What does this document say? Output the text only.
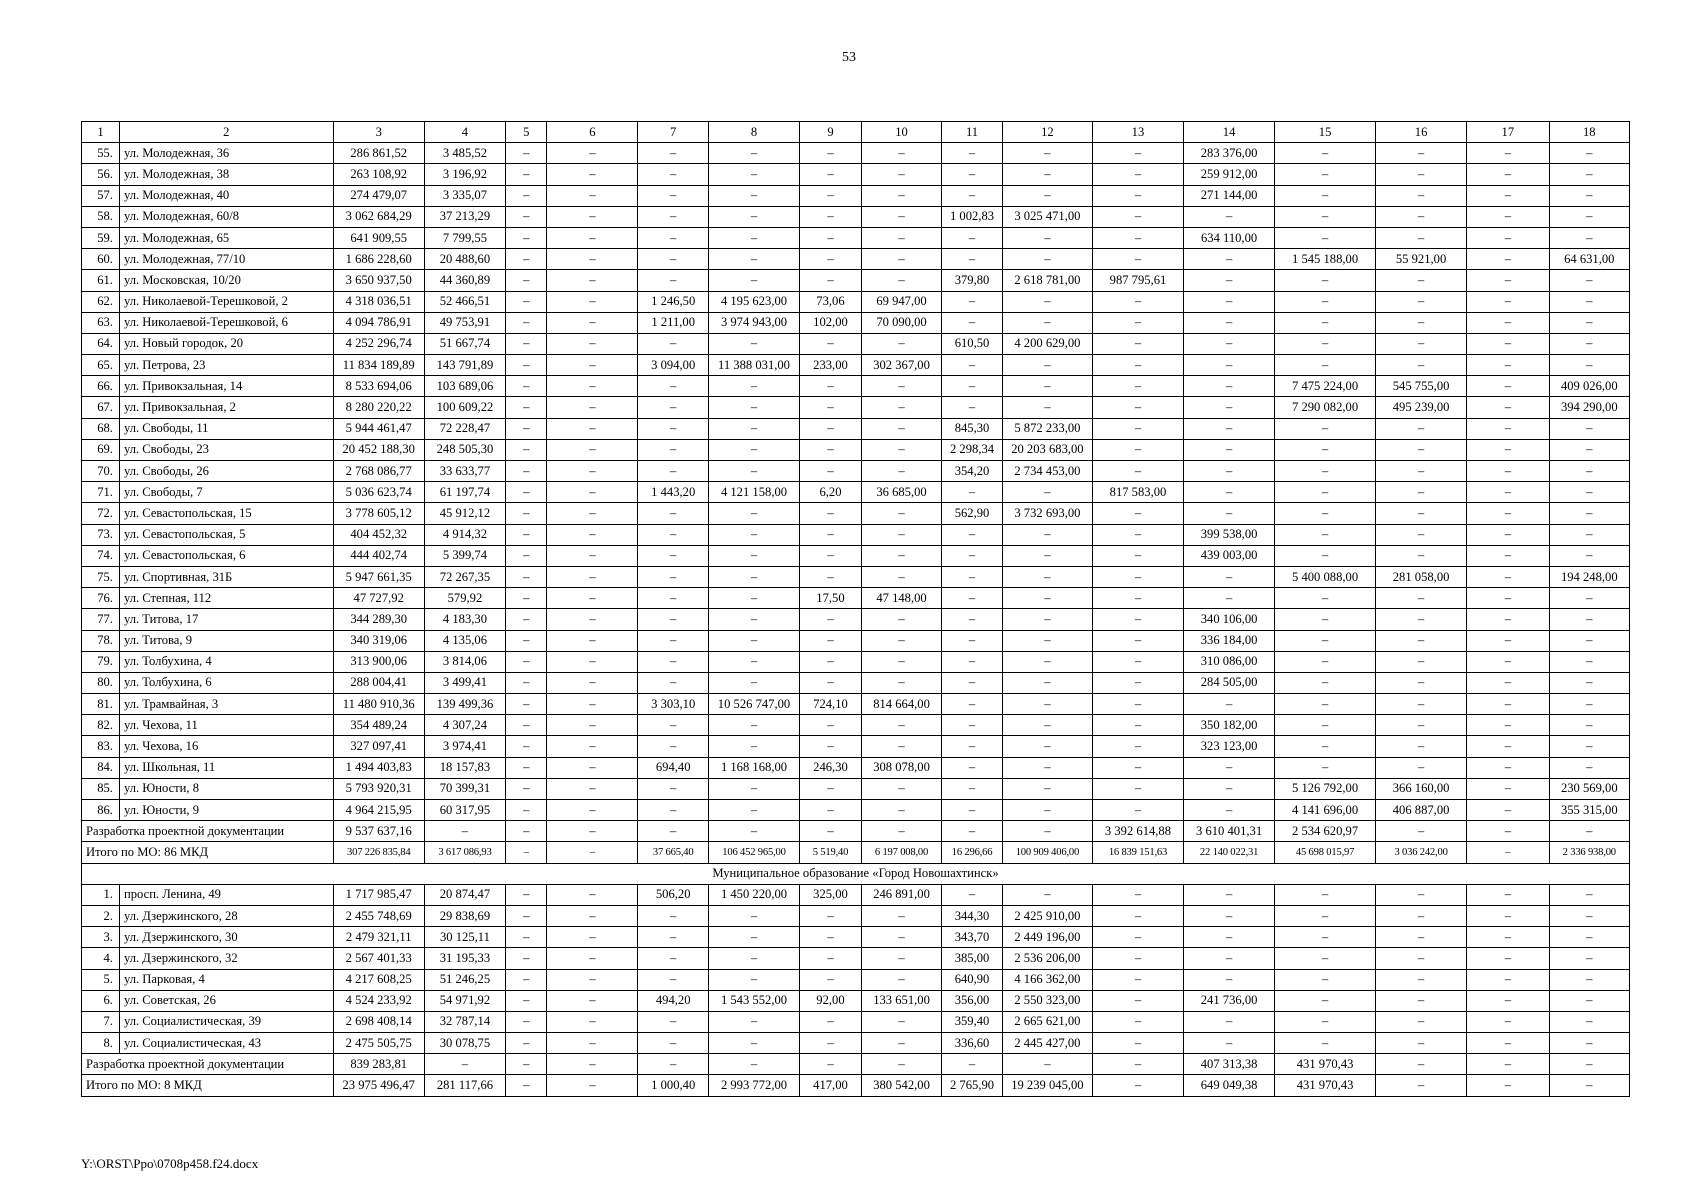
53
1	2	3	4	5	6	7	8	9	10	11	12	13	14	15	16	17	18
55.	ул. Молодежная, 36	286 861,52	3 485,52	–	–	–	–	–	–	–	–	–	283 376,00	–	–	–	–
56.	ул. Молодежная, 38	263 108,92	3 196,92	–	–	–	–	–	–	–	–	–	259 912,00	–	–	–	–
57.	ул. Молодежная, 40	274 479,07	3 335,07	–	–	–	–	–	–	–	–	–	271 144,00	–	–	–	–
58.	ул. Молодежная, 60/8	3 062 684,29	37 213,29	–	–	–	–	–	–	1 002,83	3 025 471,00	–	–	–	–	–	–
59.	ул. Молодежная, 65	641 909,55	7 799,55	–	–	–	–	–	–	–	–	–	634 110,00	–	–	–	–
60.	ул. Молодежная, 77/10	1 686 228,60	20 488,60	–	–	–	–	–	–	–	–	–	–	1 545 188,00	55 921,00	–	64 631,00
61.	ул. Московская, 10/20	3 650 937,50	44 360,89	–	–	–	–	–	–	379,80	2 618 781,00	987 795,61	–	–	–	–	–
62.	ул. Николаевой-Терешковой, 2	4 318 036,51	52 466,51	–	–	1 246,50	4 195 623,00	73,06	69 947,00	–	–	–	–	–	–	–	–
63.	ул. Николаевой-Терешковой, 6	4 094 786,91	49 753,91	–	–	1 211,00	3 974 943,00	102,00	70 090,00	–	–	–	–	–	–	–	–
64.	ул. Новый городок, 20	4 252 296,74	51 667,74	–	–	–	–	–	–	610,50	4 200 629,00	–	–	–	–	–	–
65.	ул. Петрова, 23	11 834 189,89	143 791,89	–	–	3 094,00	11 388 031,00	233,00	302 367,00	–	–	–	–	–	–	–	–
66.	ул. Привокзальная, 14	8 533 694,06	103 689,06	–	–	–	–	–	–	–	–	–	–	7 475 224,00	545 755,00	–	409 026,00
67.	ул. Привокзальная, 2	8 280 220,22	100 609,22	–	–	–	–	–	–	–	–	–	–	7 290 082,00	495 239,00	–	394 290,00
68.	ул. Свободы, 11	5 944 461,47	72 228,47	–	–	–	–	–	–	845,30	5 872 233,00	–	–	–	–	–	–
69.	ул. Свободы, 23	20 452 188,30	248 505,30	–	–	–	–	–	–	2 298,34	20 203 683,00	–	–	–	–	–	–
70.	ул. Свободы, 26	2 768 086,77	33 633,77	–	–	–	–	–	–	354,20	2 734 453,00	–	–	–	–	–	–
71.	ул. Свободы, 7	5 036 623,74	61 197,74	–	–	1 443,20	4 121 158,00	6,20	36 685,00	–	–	817 583,00	–	–	–	–	–
72.	ул. Севастопольская, 15	3 778 605,12	45 912,12	–	–	–	–	–	–	562,90	3 732 693,00	–	–	–	–	–	–
73.	ул. Севастопольская, 5	404 452,32	4 914,32	–	–	–	–	–	–	–	–	–	399 538,00	–	–	–	–
74.	ул. Севастопольская, 6	444 402,74	5 399,74	–	–	–	–	–	–	–	–	–	439 003,00	–	–	–	–
75.	ул. Спортивная, 31Б	5 947 661,35	72 267,35	–	–	–	–	–	–	–	–	–	–	5 400 088,00	281 058,00	–	194 248,00
76.	ул. Степная, 112	47 727,92	579,92	–	–	–	–	17,50	47 148,00	–	–	–	–	–	–	–	–
77.	ул. Титова, 17	344 289,30	4 183,30	–	–	–	–	–	–	–	–	–	340 106,00	–	–	–	–
78.	ул. Титова, 9	340 319,06	4 135,06	–	–	–	–	–	–	–	–	–	336 184,00	–	–	–	–
79.	ул. Толбухина, 4	313 900,06	3 814,06	–	–	–	–	–	–	–	–	–	310 086,00	–	–	–	–
80.	ул. Толбухина, 6	288 004,41	3 499,41	–	–	–	–	–	–	–	–	–	284 505,00	–	–	–	–
81.	ул. Трамвайная, 3	11 480 910,36	139 499,36	–	–	3 303,10	10 526 747,00	724,10	814 664,00	–	–	–	–	–	–	–	–
82.	ул. Чехова, 11	354 489,24	4 307,24	–	–	–	–	–	–	–	–	–	350 182,00	–	–	–	–
83.	ул. Чехова, 16	327 097,41	3 974,41	–	–	–	–	–	–	–	–	–	323 123,00	–	–	–	–
84.	ул. Школьная, 11	1 494 403,83	18 157,83	–	–	694,40	1 168 168,00	246,30	308 078,00	–	–	–	–	–	–	–	–
85.	ул. Юности, 8	5 793 920,31	70 399,31	–	–	–	–	–	–	–	–	–	–	5 126 792,00	366 160,00	–	230 569,00
86.	ул. Юности, 9	4 964 215,95	60 317,95	–	–	–	–	–	–	–	–	–	–	4 141 696,00	406 887,00	–	355 315,00
Разработка проектной документации		9 537 637,16	–	–	–	–	–	–	–	–	–	3 392 614,88	3 610 401,31	2 534 620,97	–	–	–
Итого по МО: 86 МКД		307 226 835,84	3 617 086,93	–	–	37 665,40	106 452 965,00	5 519,40	6 197 008,00	16 296,66	100 909 406,00	16 839 151,63	22 140 022,31	45 698 015,97	3 036 242,00	–	2 336 938,00
Муниципальное образование «Город Новошахтинск»																	
1.	просп. Ленина, 49	1 717 985,47	20 874,47	–	–	506,20	1 450 220,00	325,00	246 891,00	–	–	–	–	–	–	–	–
2.	ул. Дзержинского, 28	2 455 748,69	29 838,69	–	–	–	–	–	–	344,30	2 425 910,00	–	–	–	–	–	–
3.	ул. Дзержинского, 30	2 479 321,11	30 125,11	–	–	–	–	–	–	343,70	2 449 196,00	–	–	–	–	–	–
4.	ул. Дзержинского, 32	2 567 401,33	31 195,33	–	–	–	–	–	–	385,00	2 536 206,00	–	–	–	–	–	–
5.	ул. Парковая, 4	4 217 608,25	51 246,25	–	–	–	–	–	–	640,90	4 166 362,00	–	–	–	–	–	–
6.	ул. Советская, 26	4 524 233,92	54 971,92	–	–	494,20	1 543 552,00	92,00	133 651,00	356,00	2 550 323,00	–	241 736,00	–	–	–	–
7.	ул. Социалистическая, 39	2 698 408,14	32 787,14	–	–	–	–	–	–	359,40	2 665 621,00	–	–	–	–	–	–
8.	ул. Социалистическая, 43	2 475 505,75	30 078,75	–	–	–	–	–	–	336,60	2 445 427,00	–	–	–	–	–	–
Разработка проектной документации		839 283,81	–	–	–	–	–	–	–	–	–	–	407 313,38	431 970,43	–	–	–
Итого по МО: 8 МКД		23 975 496,47	281 117,66	–	–	1 000,40	2 993 772,00	417,00	380 542,00	2 765,90	19 239 045,00	–	649 049,38	431 970,43	–	–	–
Y:\ORST\Ppo\0708p458.f24.docx
